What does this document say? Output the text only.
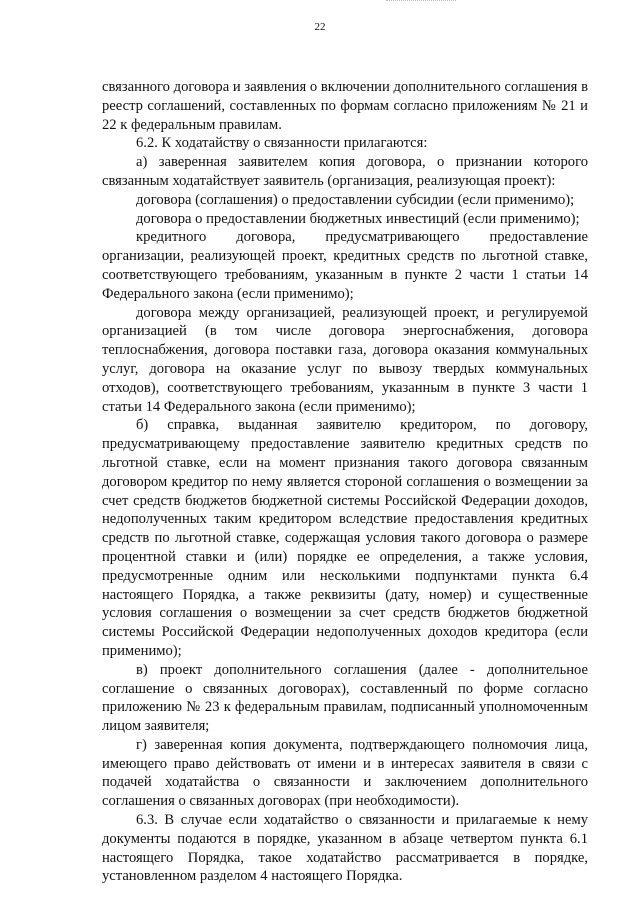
22

связанного договора и заявления о включении дополнительного соглашения в реестр соглашений, составленных по формам согласно приложениям № 21 и 22 к федеральным правилам.

6.2. К ходатайству о связанности прилагаются:

а) заверенная заявителем копия договора, о признании которого связанным ходатайствует заявитель (организация, реализующая проект):

договора (соглашения) о предоставлении субсидии (если применимо);

договора о предоставлении бюджетных инвестиций (если применимо);

кредитного договора, предусматривающего предоставление организации, реализующей проект, кредитных средств по льготной ставке, соответствующего требованиям, указанным в пункте 2 части 1 статьи 14 Федерального закона (если применимо);

договора между организацией, реализующей проект, и регулируемой организацией (в том числе договора энергоснабжения, договора теплоснабжения, договора поставки газа, договора оказания коммунальных услуг, договора на оказание услуг по вывозу твердых коммунальных отходов), соответствующего требованиям, указанным в пункте 3 части 1 статьи 14 Федерального закона (если применимо);

б) справка, выданная заявителю кредитором, по договору, предусматривающему предоставление заявителю кредитных средств по льготной ставке, если на момент признания такого договора связанным договором кредитор по нему является стороной соглашения о возмещении за счет средств бюджетов бюджетной системы Российской Федерации доходов, недополученных таким кредитором вследствие предоставления кредитных средств по льготной ставке, содержащая условия такого договора о размере процентной ставки и (или) порядке ее определения, а также условия, предусмотренные одним или несколькими подпунктами пункта 6.4 настоящего Порядка, а также реквизиты (дату, номер) и существенные условия соглашения о возмещении за счет средств бюджетов бюджетной системы Российской Федерации недополученных доходов кредитора (если применимо);

в) проект дополнительного соглашения (далее - дополнительное соглашение о связанных договорах), составленный по форме согласно приложению № 23 к федеральным правилам, подписанный уполномоченным лицом заявителя;

г) заверенная копия документа, подтверждающего полномочия лица, имеющего право действовать от имени и в интересах заявителя в связи с подачей ходатайства о связанности и заключением дополнительного соглашения о связанных договорах (при необходимости).

6.3. В случае если ходатайство о связанности и прилагаемые к нему документы подаются в порядке, указанном в абзаце четвертом пункта 6.1 настоящего Порядка, такое ходатайство рассматривается в порядке, установленном разделом 4 настоящего Порядка.
